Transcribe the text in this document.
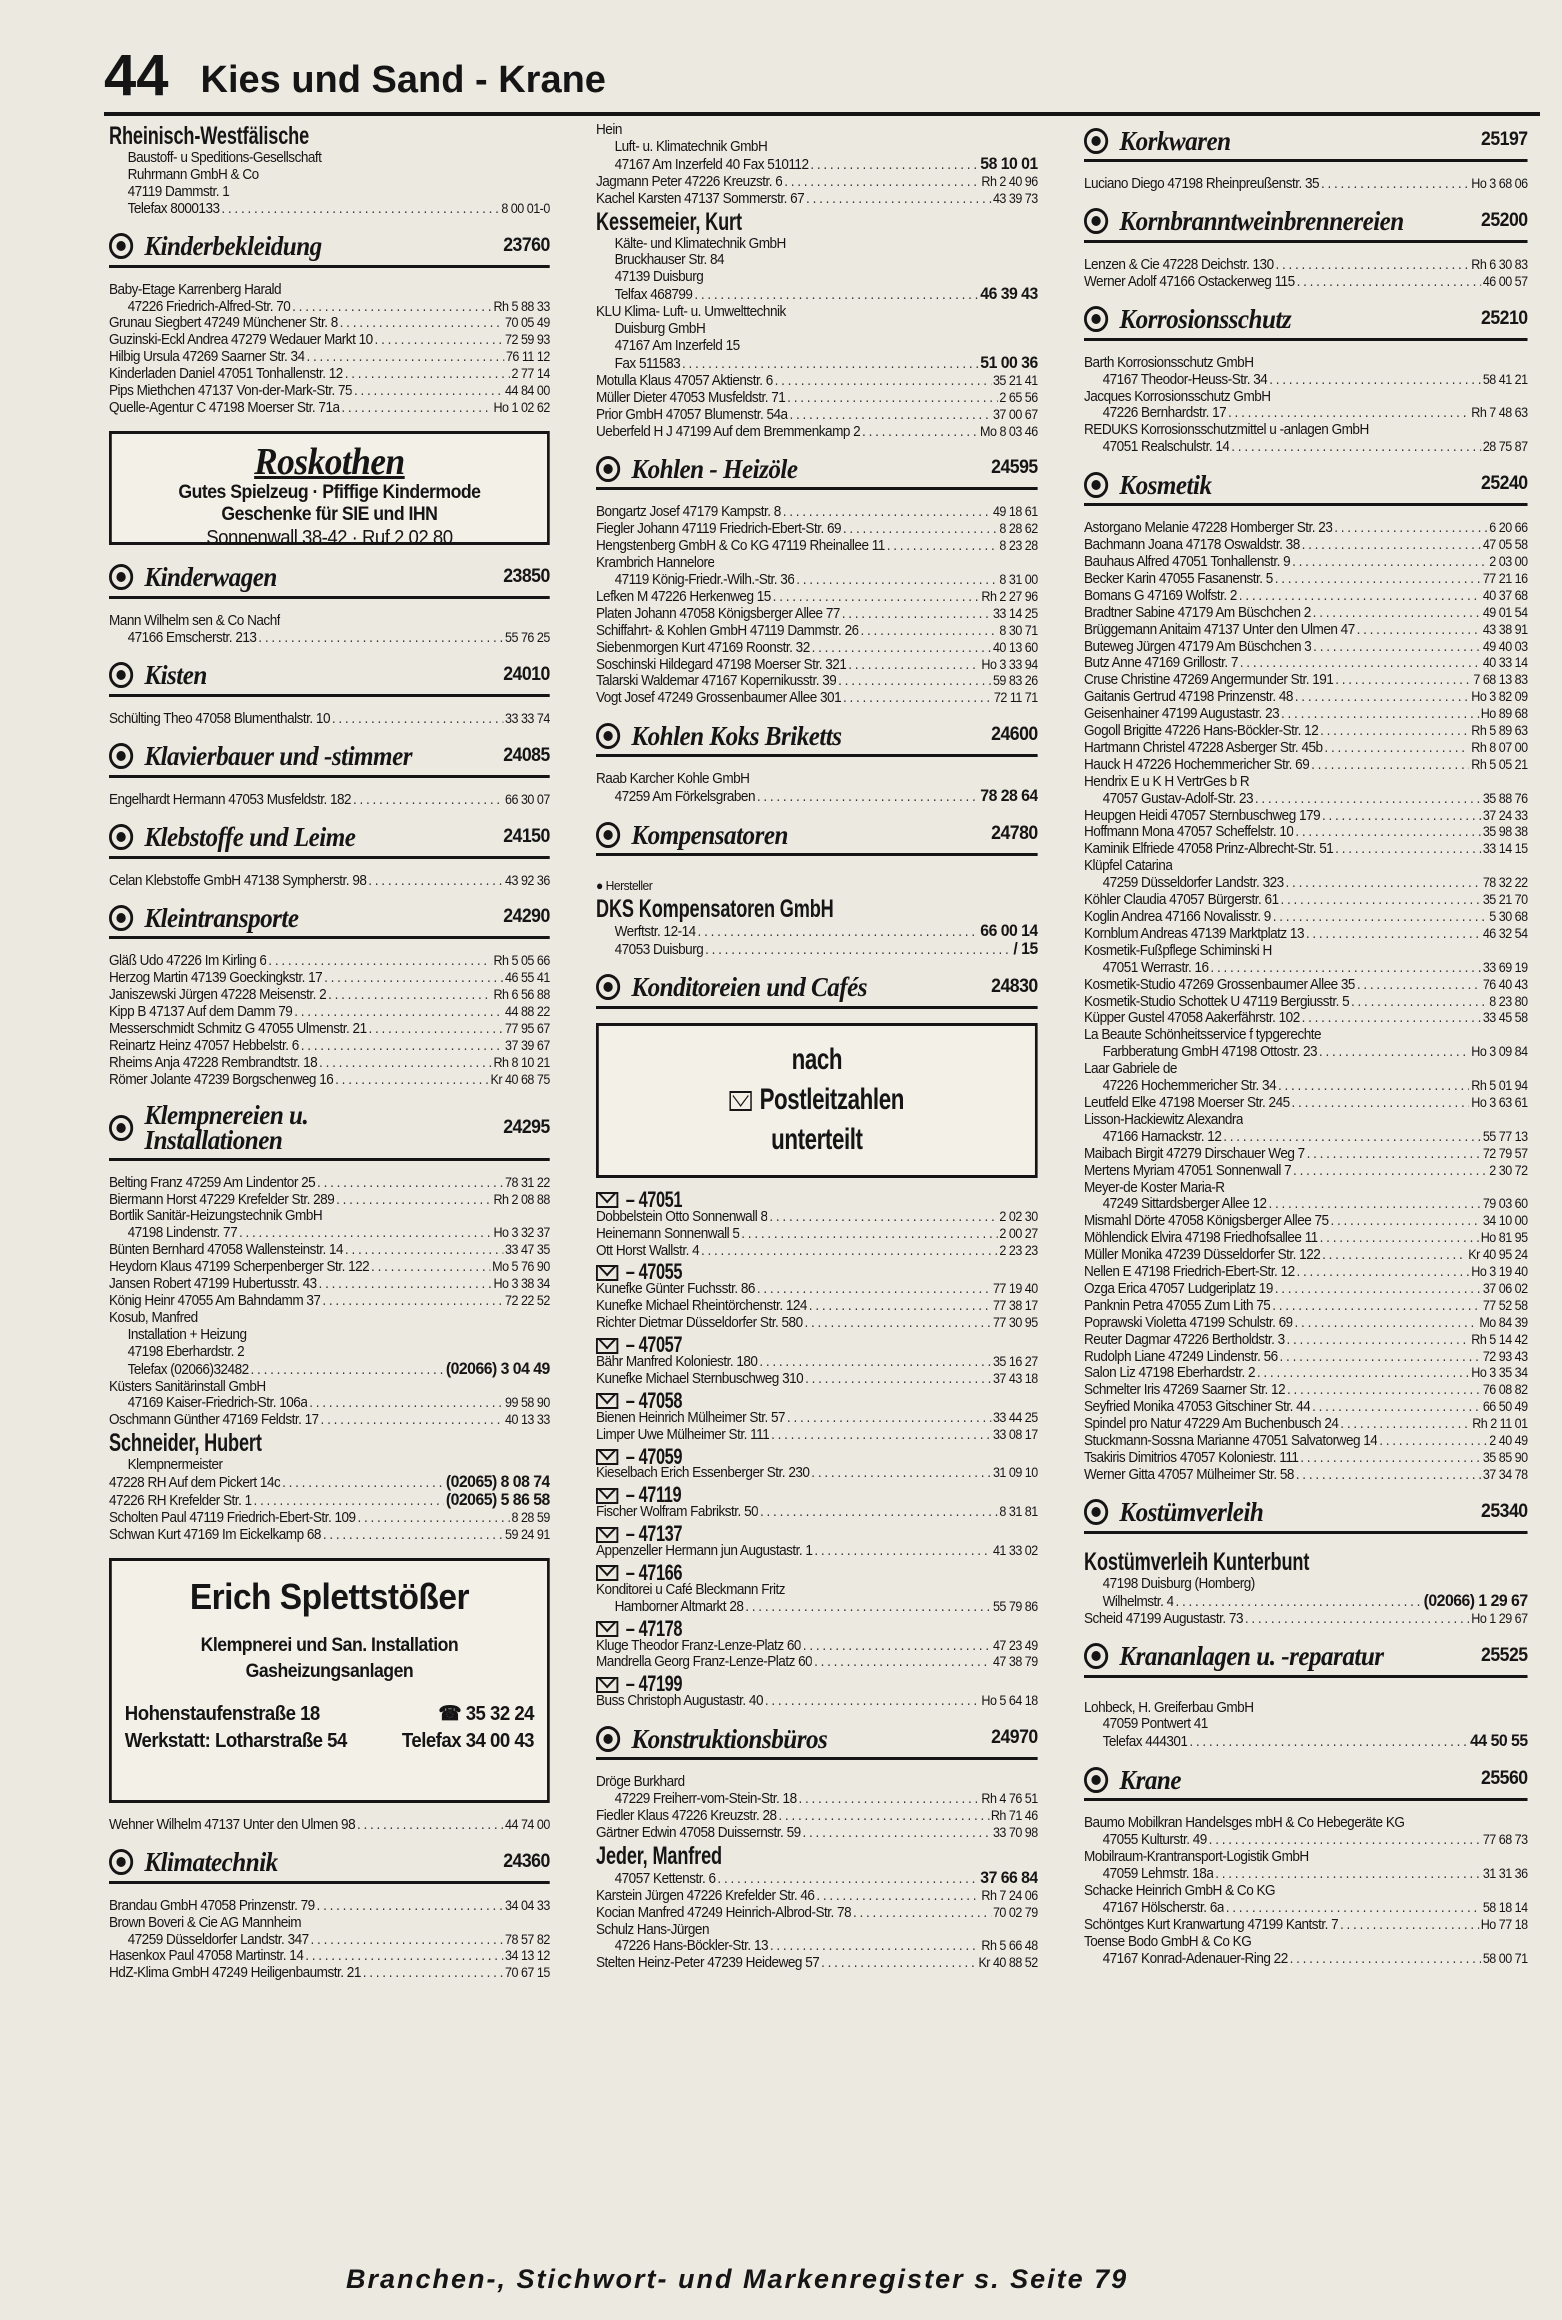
44 Kies und Sand - Krane
Rheinisch-Westfälische
Baustoff- u Speditions-Gesellschaft
Ruhrmann GmbH & Co
47119 Dammstr. 1
Telefax 8000133 . . .	8 00 01-0
Kinderbekleidung	23760
Baby-Etage Karrenberg Harald
47226 Friedrich-Alfred-Str. 70 . . .	Rh 5 88 33
Grunau Siegbert 47249 Münchener Str. 8 . . .	70 05 49
Guzinski-Eckl Andrea 47279 Wedauer Markt 10 . . .	72 59 93
Hilbig Ursula 47269 Saarner Str. 34 . . .	76 11 12
Kinderladen Daniel 47051 Tonhallenstr. 12 . . .	2 77 14
Pips Miethchen 47137 Von-der-Mark-Str. 75 . . .	44 84 00
Quelle-Agentur C 47198 Moerser Str. 71a . . .	Ho 1 02 62
Roskothen
Gutes Spielzeug · Pfiffige Kindermode
Geschenke für SIE und IHN
Sonnenwall 38-42 · Ruf 2 02 80
Kinderwagen	23850
Mann Wilhelm sen & Co Nachf
47166 Emscherstr. 213 . . .	55 76 25
Kisten	24010
Schülting Theo 47058 Blumenthalstr. 10 . . .	33 33 74
Klavierbauer und -stimmer	24085
Engelhardt Hermann 47053 Musfeldstr. 182 . . .	66 30 07
Klebstoffe und Leime	24150
Celan Klebstoffe GmbH 47138 Sympherstr. 98 . . .	43 92 36
Kleintransporte	24290
Gläß Udo 47226 Im Kirling 6 . . .	Rh 5 05 66
Herzog Martin 47139 Goeckingkstr. 17 . . .	46 55 41
Janiszewski Jürgen 47228 Meisenstr. 2 . . .	Rh 6 56 88
Kipp B 47137 Auf dem Damm 79 . . .	44 88 22
Messerschmidt Schmitz G 47055 Ulmenstr. 21 . . .	77 95 67
Reinartz Heinz 47057 Hebbelstr. 6 . . .	37 39 67
Rheims Anja 47228 Rembrandtstr. 18 . . .	Rh 8 10 21
Römer Jolante 47239 Borgschenweg 16 . . .	Kr 40 68 75
Klempnereien u.
Installationen	24295
Belting Franz 47259 Am Lindentor 25 . . .	78 31 22
Biermann Horst 47229 Krefelder Str. 289 . . .	Rh 2 08 88
Bortlik Sanitär-Heizungstechnik GmbH
47198 Lindenstr. 77 . . .	Ho 3 32 37
Bünten Bernhard 47058 Wallensteinstr. 14 . . .	33 47 35
Heydorn Klaus 47199 Scherpenberger Str. 122 . . .	Mo 5 76 90
Jansen Robert 47199 Hubertusstr. 43 . . .	Ho 3 38 34
König Heinr 47055 Am Bahndamm 37 . . .	72 22 52
Kosub, Manfred
Installation + Heizung
47198 Eberhardstr. 2
Telefax (02066)32482 . . .	(02066) 3 04 49
Küsters Sanitärinstall GmbH
47169 Kaiser-Friedrich-Str. 106a . . .	99 58 90
Oschmann Günther 47169 Feldstr. 17 . . .	40 13 33
Schneider, Hubert
Klempnermeister
47228 RH Auf dem Pickert 14c . . .	(02065) 8 08 74
47226 RH Krefelder Str. 1 . . .	(02065) 5 86 58
Scholten Paul 47119 Friedrich-Ebert-Str. 109 . . .	8 28 59
Schwan Kurt 47169 Im Eickelkamp 68 . . .	59 24 91
Erich Splettstößer
Klempnerei und San. Installation
Gasheizungsanlagen
Hohenstaufenstraße 18
Werkstatt: Lotharstraße 54
☎ 35 32 24
Telefax 34 00 43
Wehner Wilhelm 47137 Unter den Ulmen 98 . . .	44 74 00
Klimatechnik	24360
Brandau GmbH 47058 Prinzenstr. 79 . . .	34 04 33
Brown Boveri & Cie AG Mannheim
47259 Düsseldorfer Landstr. 347 . . .	78 57 82
Hasenkox Paul 47058 Martinstr. 14 . . .	34 13 12
HdZ-Klima GmbH 47249 Heiligenbaumstr. 21 . . .	70 67 15
Hein
Luft- u. Klimatechnik GmbH
47167 Am Inzerfeld 40 Fax 510112 . . .	58 10 01
Jagmann Peter 47226 Kreuzstr. 6 . . .	Rh 2 40 96
Kachel Karsten 47137 Sommerstr. 67 . . .	43 39 73
Kessemeier, Kurt
Kälte- und Klimatechnik GmbH
Bruckhauser Str. 84
47139 Duisburg
Telfax 468799 . . .	46 39 43
KLU Klima- Luft- u. Umwelttechnik
Duisburg GmbH
47167 Am Inzerfeld 15
Fax 511583 . . .	51 00 36
Motulla Klaus 47057 Aktienstr. 6 . . .	35 21 41
Müller Dieter 47053 Musfeldstr. 71 . . .	2 65 56
Prior GmbH 47057 Blumenstr. 54a . . .	37 00 67
Ueberfeld H J 47199 Auf dem Bremmenkamp 2 . . .	Mo 8 03 46
Kohlen - Heizöle	24595
Bongartz Josef 47179 Kampstr. 8 . . .	49 18 61
Fiegler Johann 47119 Friedrich-Ebert-Str. 69 . . .	8 28 62
Hengstenberg GmbH & Co KG 47119 Rheinallee 11 . . .	8 23 28
Krambrich Hannelore
47119 König-Friedr.-Wilh.-Str. 36 . . .	8 31 00
Lefken M 47226 Herkenweg 15 . . .	Rh 2 27 96
Platen Johann 47058 Königsberger Allee 77 . . .	33 14 25
Schiffahrt- & Kohlen GmbH 47119 Dammstr. 26 . . .	8 30 71
Siebenmorgen Kurt 47169 Roonstr. 32 . . .	40 13 60
Soschinski Hildegard 47198 Moerser Str. 321 . . .	Ho 3 33 94
Talarski Waldemar 47167 Kopernikusstr. 39 . . .	59 83 26
Vogt Josef 47249 Grossenbaumer Allee 301 . . .	72 11 71
Kohlen Koks Briketts	24600
Raab Karcher Kohle GmbH
47259 Am Förkelsgraben . . .	78 28 64
Kompensatoren	24780
● Hersteller
DKS Kompensatoren GmbH
Werftstr. 12-14 . . .	66 00 14
47053 Duisburg . . .	/ 15
Konditoreien und Cafés	24830
nach
Postleitzahlen
unterteilt
– 47051
Dobbelstein Otto Sonnenwall 8 . . .	2 02 30
Heinemann Sonnenwall 5 . . .	2 00 27
Ott Horst Wallstr. 4 . . .	2 23 23
– 47055
Kunefke Günter Fuchsstr. 86 . . .	77 19 40
Kunefke Michael Rheintörchenstr. 124 . . .	77 38 17
Richter Dietmar Düsseldorfer Str. 580 . . .	77 30 95
– 47057
Bähr Manfred Koloniestr. 180 . . .	35 16 27
Kunefke Michael Sternbuschweg 310 . . .	37 43 18
– 47058
Bienen Heinrich Mülheimer Str. 57 . . .	33 44 25
Limper Uwe Mülheimer Str. 111 . . .	33 08 17
– 47059
Kieselbach Erich Essenberger Str. 230 . . .	31 09 10
– 47119
Fischer Wolfram Fabrikstr. 50 . . .	8 31 81
– 47137
Appenzeller Hermann jun Augustastr. 1 . . .	41 33 02
– 47166
Konditorei u Café Bleckmann Fritz
Hamborner Altmarkt 28 . . .	55 79 86
– 47178
Kluge Theodor Franz-Lenze-Platz 60 . . .	47 23 49
Mandrella Georg Franz-Lenze-Platz 60 . . .	47 38 79
– 47199
Buss Christoph Augustastr. 40 . . .	Ho 5 64 18
Konstruktionsbüros	24970
Dröge Burkhard
47229 Freiherr-vom-Stein-Str. 18 . . .	Rh 4 76 51
Fiedler Klaus 47226 Kreuzstr. 28 . . .	Rh 71 46
Gärtner Edwin 47058 Duissernstr. 59 . . .	33 70 98
Jeder, Manfred
47057 Kettenstr. 6 . . .	37 66 84
Karstein Jürgen 47226 Krefelder Str. 46 . . .	Rh 7 24 06
Kocian Manfred 47249 Heinrich-Albrod-Str. 78 . . .	70 02 79
Schulz Hans-Jürgen
47226 Hans-Böckler-Str. 13 . . .	Rh 5 66 48
Stelten Heinz-Peter 47239 Heideweg 57 . . .	Kr 40 88 52
Korkwaren	25197
Luciano Diego 47198 Rheinpreußenstr. 35 . . .	Ho 3 68 06
Kornbranntweinbrennereien	25200
Lenzen & Cie 47228 Deichstr. 130 . . .	Rh 6 30 83
Werner Adolf 47166 Ostackerweg 115 . . .	46 00 57
Korrosionsschutz	25210
Barth Korrosionsschutz GmbH
47167 Theodor-Heuss-Str. 34 . . .	58 41 21
Jacques Korrosionsschutz GmbH
47226 Bernhardstr. 17 . . .	Rh 7 48 63
REDUKS Korrosionsschutzmittel u -anlagen GmbH
47051 Realschulstr. 14 . . .	28 75 87
Kosmetik	25240
Astorgano Melanie 47228 Homberger Str. 23 . . .	6 20 66
Bachmann Joana 47178 Oswaldstr. 38 . . .	47 05 58
Bauhaus Alfred 47051 Tonhallenstr. 9 . . .	2 03 00
Becker Karin 47055 Fasanenstr. 5 . . .	77 21 16
Bomans G 47169 Wolfstr. 2 . . .	40 37 68
Bradtner Sabine 47179 Am Büschchen 2 . . .	49 01 54
Brüggemann Anitaim 47137 Unter den Ulmen 47 . . .	43 38 91
Buteweg Jürgen 47179 Am Büschchen 3 . . .	49 40 03
Butz Anne 47169 Grillostr. 7 . . .	40 33 14
Cruse Christine 47269 Angermunder Str. 191 . . .	7 68 13 83
Gaitanis Gertrud 47198 Prinzenstr. 48 . . .	Ho 3 82 09
Geisenhainer 47199 Augustastr. 23 . . .	Ho 89 68
Gogoll Brigitte 47226 Hans-Böckler-Str. 12 . . .	Rh 5 89 63
Hartmann Christel 47228 Asberger Str. 45b . . .	Rh 8 07 00
Hauck H 47226 Hochemmericher Str. 69 . . .	Rh 5 05 21
Hendrix E u K H VertrGes b R
47057 Gustav-Adolf-Str. 23 . . .	35 88 76
Heupgen Heidi 47057 Sternbuschweg 179 . . .	37 24 33
Hoffmann Mona 47057 Scheffelstr. 10 . . .	35 98 38
Kaminik Elfriede 47058 Prinz-Albrecht-Str. 51 . . .	33 14 15
Klüpfel Catarina
47259 Düsseldorfer Landstr. 323 . . .	78 32 22
Köhler Claudia 47057 Bürgerstr. 61 . . .	35 21 70
Koglin Andrea 47166 Novalisstr. 9 . . .	5 30 68
Kornblum Andreas 47139 Marktplatz 13 . . .	46 32 54
Kosmetik-Fußpflege Schiminski H
47051 Werrastr. 16 . . .	33 69 19
Kosmetik-Studio 47269 Grossenbaumer Allee 35 . . .	76 40 43
Kosmetik-Studio Schottek U 47119 Bergiusstr. 5 . . .	8 23 80
Küpper Gustel 47058 Aakerfährstr. 102 . . .	33 45 58
La Beaute Schönheitsservice f typgerechte
Farbberatung GmbH 47198 Ottostr. 23 . . .	Ho 3 09 84
Laar Gabriele de
47226 Hochemmericher Str. 34 . . .	Rh 5 01 94
Leutfeld Elke 47198 Moerser Str. 245 . . .	Ho 3 63 61
Lisson-Hackiewitz Alexandra
47166 Harnackstr. 12 . . .	55 77 13
Maibach Birgit 47279 Dirschauer Weg 7 . . .	72 79 57
Mertens Myriam 47051 Sonnenwall 7 . . .	2 30 72
Meyer-de Koster Maria-R
47249 Sittardsberger Allee 12 . . .	79 03 60
Mismahl Dörte 47058 Königsberger Allee 75 . . .	34 10 00
Möhlendick Elvira 47198 Friedhofsallee 11 . . .	Ho 81 95
Müller Monika 47239 Düsseldorfer Str. 122 . . .	Kr 40 95 24
Nellen E 47198 Friedrich-Ebert-Str. 12 . . .	Ho 3 19 40
Ozga Erica 47057 Ludgeriplatz 19 . . .	37 06 02
Panknin Petra 47055 Zum Lith 75 . . .	77 52 58
Poprawski Violetta 47199 Schulstr. 69 . . .	Mo 84 39
Reuter Dagmar 47226 Bertholdstr. 3 . . .	Rh 5 14 42
Rudolph Liane 47249 Lindenstr. 56 . . .	72 93 43
Salon Liz 47198 Eberhardstr. 2 . . .	Ho 3 35 34
Schmelter Iris 47269 Saarner Str. 12 . . .	76 08 82
Seyfried Monika 47053 Gitschiner Str. 44 . . .	66 50 49
Spindel pro Natur 47229 Am Buchenbusch 24 . . .	Rh 2 11 01
Stuckmann-Sossna Marianne 47051 Salvatorweg 14 . . .	2 40 49
Tsakiris Dimitrios 47057 Koloniestr. 111 . . .	35 85 90
Werner Gitta 47057 Mülheimer Str. 58 . . .	37 34 78
Kostümverleih	25340
Kostümverleih Kunterbunt
47198 Duisburg (Homberg)
Wilhelmstr. 4 . . .	(02066) 1 29 67
Scheid 47199 Augustastr. 73 . . .	Ho 1 29 67
Krananlagen u. -reparatur	25525
Lohbeck, H. Greiferbau GmbH
47059 Pontwert 41
Telefax 444301 . . .	44 50 55
Krane	25560
Baumo Mobilkran Handelsges mbH & Co Hebegeräte KG
47055 Kulturstr. 49 . . .	77 68 73
Mobilraum-Krantransport-Logistik GmbH
47059 Lehmstr. 18a . . .	31 31 36
Schacke Heinrich GmbH & Co KG
47167 Hölscherstr. 6a . . .	58 18 14
Schöntges Kurt Kranwartung 47199 Kantstr. 7 . . .	Ho 77 18
Toense Bodo GmbH & Co KG
47167 Konrad-Adenauer-Ring 22 . . .	58 00 71
Branchen-, Stichwort- und Markenregister s. Seite 79
